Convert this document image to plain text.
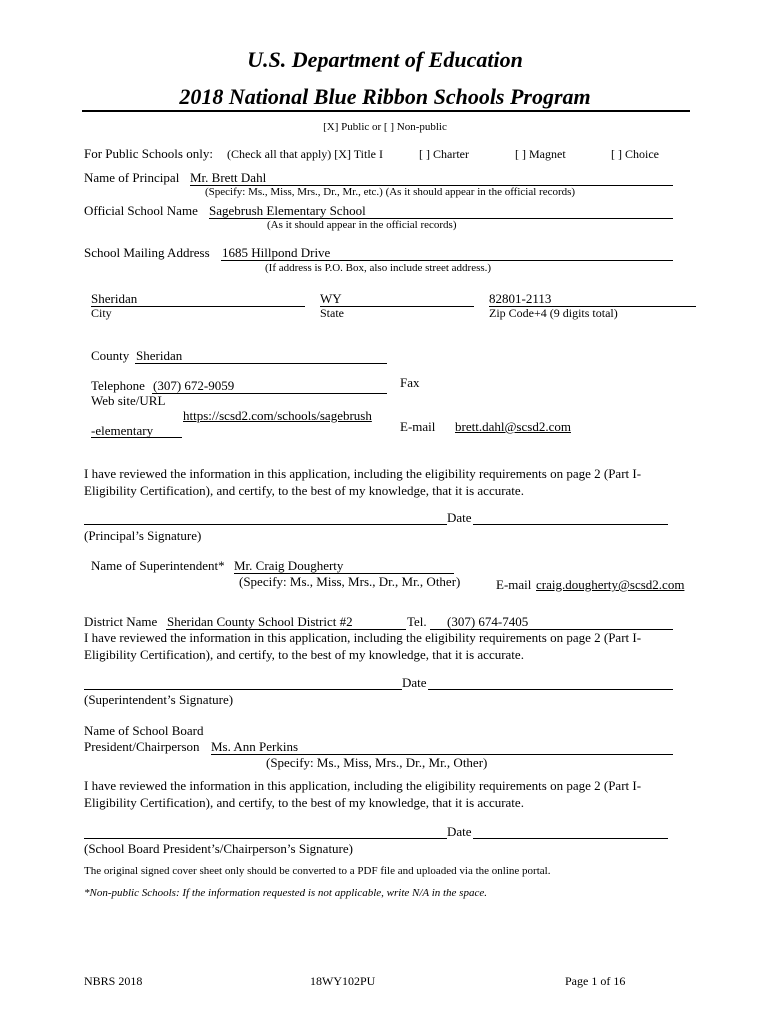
U.S. Department of Education
2018 National Blue Ribbon Schools Program
[X] Public or [ ] Non-public
For Public Schools only: (Check all that apply) [X] Title I	[ ] Charter	[ ] Magnet	[ ] Choice
Name of Principal Mr. Brett Dahl
(Specify: Ms., Miss, Mrs., Dr., Mr., etc.) (As it should appear in the official records)
Official School Name Sagebrush Elementary School
(As it should appear in the official records)
School Mailing Address 1685 Hillpond Drive
(If address is P.O. Box, also include street address.)
Sheridan
City
WY
State
82801-2113
Zip Code+4 (9 digits total)
County Sheridan
Telephone (307) 672-9059	Fax
Web site/URL
https://scsd2.com/schools/sagebrush
-elementary	E-mail brett.dahl@scsd2.com
I have reviewed the information in this application, including the eligibility requirements on page 2 (Part I-
Eligibility Certification), and certify, to the best of my knowledge, that it is accurate.
Date
(Principal’s Signature)
Name of Superintendent* Mr. Craig Dougherty
(Specify: Ms., Miss, Mrs., Dr., Mr., Other)	E-mail craig.dougherty@scsd2.com
District Name Sheridan County School District #2	Tel. (307) 674-7405
I have reviewed the information in this application, including the eligibility requirements on page 2 (Part I-
Eligibility Certification), and certify, to the best of my knowledge, that it is accurate.
Date
(Superintendent’s Signature)
Name of School Board
President/Chairperson Ms. Ann Perkins
(Specify: Ms., Miss, Mrs., Dr., Mr., Other)
I have reviewed the information in this application, including the eligibility requirements on page 2 (Part I-
Eligibility Certification), and certify, to the best of my knowledge, that it is accurate.
Date
(School Board President’s/Chairperson’s Signature)
The original signed cover sheet only should be converted to a PDF file and uploaded via the online portal.
*Non-public Schools: If the information requested is not applicable, write N/A in the space.
NBRS 2018	18WY102PU	Page 1 of 16
